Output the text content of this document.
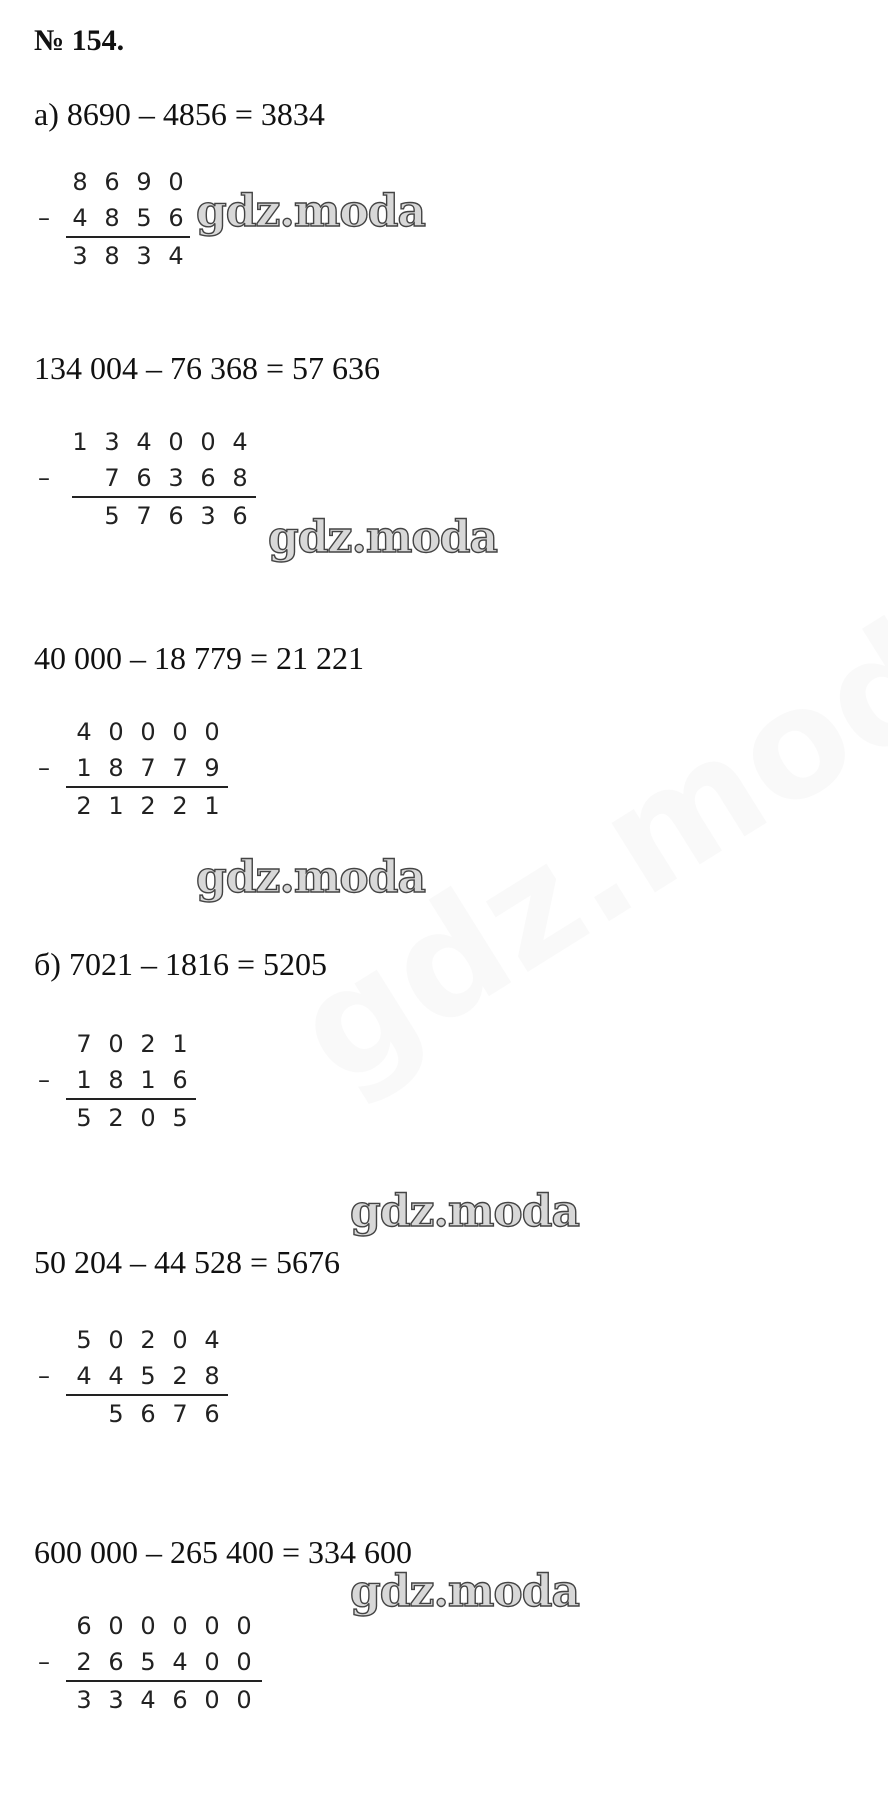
№ 154.
а) 8690 – 4856 = 3834
8 6 9 0
– 4 8 5 6
3 8 3 4
gdz.moda
134 004 – 76 368 = 57 636
1 3 4 0 0 4
– 7 6 3 6 8
5 7 6 3 6 gdz.moda
40 000 – 18 779 = 21 221
4 0 0 0 0
– 1 8 7 7 9
2 1 2 2 1
gdz.moda
б) 7021 – 1816 = 5205
7 0 2 1
– 1 8 1 6
5 2 0 5
gdz.moda
50 204 – 44 528 = 5676
5 0 2 0 4
– 4 4 5 2 8
5 6 7 6
600 000 – 265 400 = 334 600
gdz.moda
6 0 0 0 0 0
– 2 6 5 4 0 0
3 3 4 6 0 0
